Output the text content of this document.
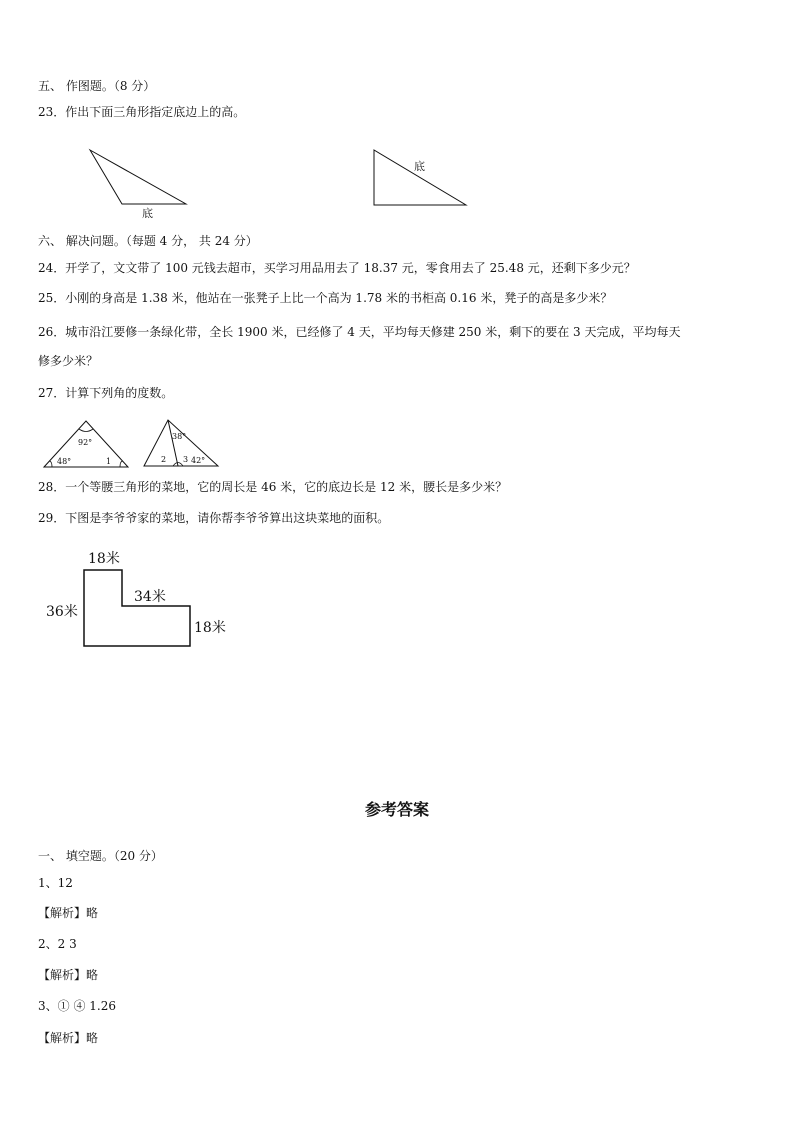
五、 作图题。（8 分）
23．作出下面三角形指定底边上的高。
底
底
六、 解决问题。（每题 4 分， 共 24 分）
24．开学了，文文带了 100 元钱去超市，买学习用品用去了 18.37 元，零食用去了 25.48 元，还剩下多少元？
25．小刚的身高是 1.38 米，他站在一张凳子上比一个高为 1.78 米的书柜高 0.16 米，凳子的高是多少米？
26．城市沿江要修一条绿化带，全长 1900 米，已经修了 4 天，平均每天修建 250 米，剩下的要在 3 天完成，平均每天
修多少米？
27．计算下列角的度数。
92°
48°	1
38°
2 3 42°
28．一个等腰三角形的菜地，它的周长是 46 米，它的底边长是 12 米，腰长是多少米？
29．下图是李爷爷家的菜地，请你帮李爷爷算出这块菜地的面积。
18米
36米
34米
18米
参考答案
一、 填空题。（20 分）
1、12
【解析】略
2、2 3
【解析】略
3、① ④ 1.26
【解析】略
